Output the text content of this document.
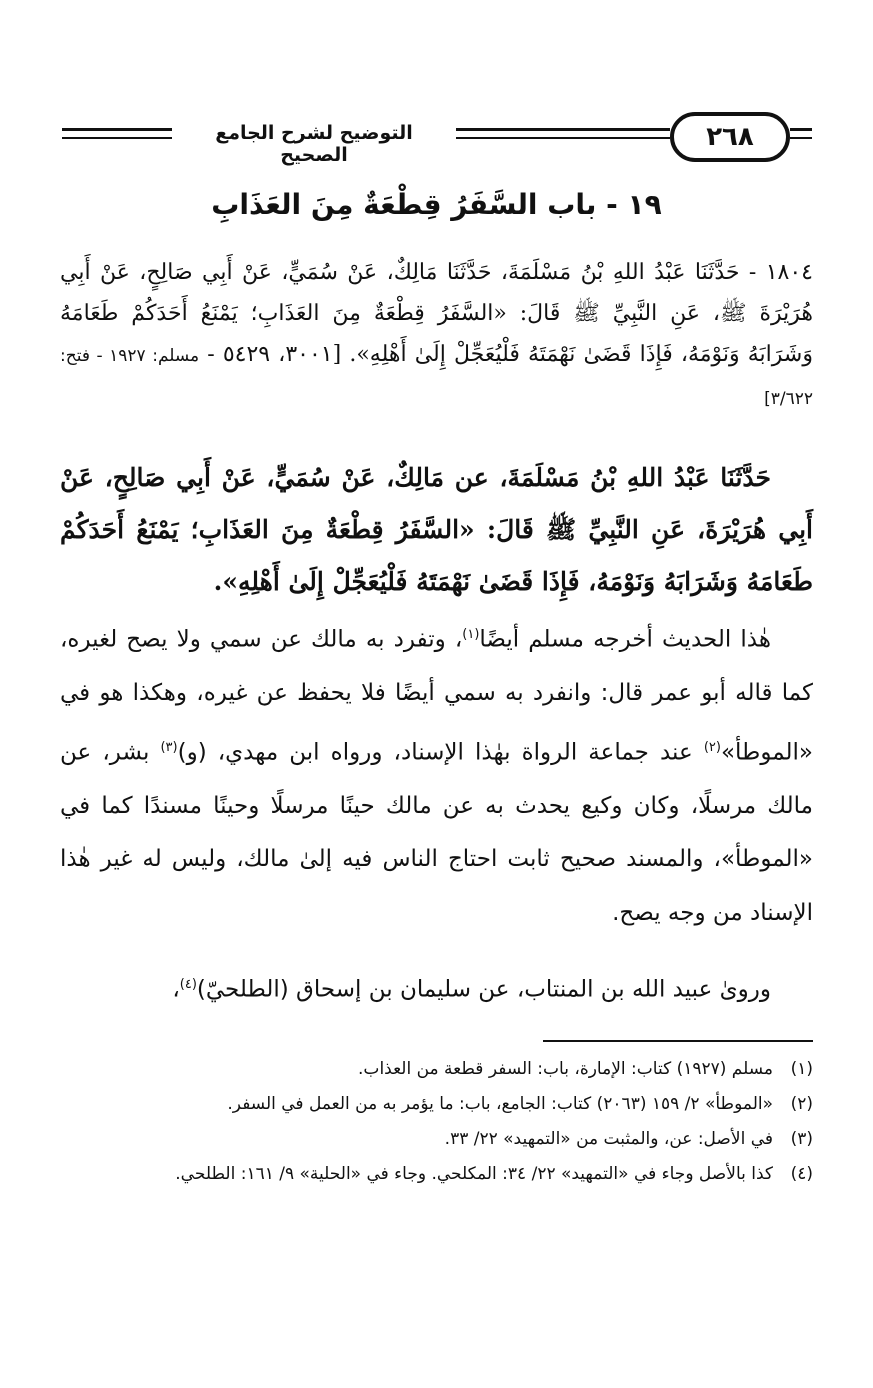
التوضيح لشرح الجامع الصحيح
٢٦٨
١٩ - باب السَّفَرُ قِطْعَةٌ مِنَ العَذَابِ
١٨٠٤ - حَدَّثَنَا عَبْدُ اللهِ بْنُ مَسْلَمَةَ، حَدَّثَنَا مَالِكٌ، عَنْ سُمَيٍّ، عَنْ أَبِي صَالِحٍ، عَنْ أَبِي هُرَيْرَةَ ﷺ، عَنِ النَّبِيِّ ﷺ قَالَ: «السَّفَرُ قِطْعَةٌ مِنَ العَذَابِ؛ يَمْنَعُ أَحَدَكُمْ طَعَامَهُ وَشَرَابَهُ وَنَوْمَهُ، فَإِذَا قَضَىٰ نَهْمَتَهُ فَلْيُعَجِّلْ إِلَىٰ أَهْلِهِ». [٣٠٠١، ٥٤٢٩ - مسلم: ١٩٢٧ - فتح: ٣/٦٢٢]
حَدَّثَنَا عَبْدُ اللهِ بْنُ مَسْلَمَةَ، عن مَالِكٌ، عَنْ سُمَيٍّ، عَنْ أَبِي صَالِحٍ، عَنْ أَبِي هُرَيْرَةَ، عَنِ النَّبِيِّ ﷺ قَالَ: «السَّفَرُ قِطْعَةٌ مِنَ العَذَابِ؛ يَمْنَعُ أَحَدَكُمْ طَعَامَهُ وَشَرَابَهُ وَنَوْمَهُ، فَإِذَا قَضَىٰ نَهْمَتَهُ فَلْيُعَجِّلْ إِلَىٰ أَهْلِهِ».

هٰذا الحديث أخرجه مسلم أيضًا$^{(١)}$، وتفرد به مالك عن سمي ولا يصح لغيره، كما قاله أبو عمر قال: وانفرد به سمي أيضًا فلا يحفظ عن غيره، وهكذا هو في «الموطأ»$^{(٢)}$ عند جماعة الرواة بهٰذا الإسناد، ورواه ابن مهدي، (و)$^{(٣)}$ بشر، عن مالك مرسلًا، وكان وكيع يحدث به عن مالك حينًا مرسلًا وحينًا مسندًا كما في «الموطأ»، والمسند صحيح ثابت احتاج الناس فيه إلىٰ مالك، وليس له غير هٰذا الإسناد من وجه يصح.

ورویٰ عبيد الله بن المنتاب، عن سليمان بن إسحاق (الطلحيّ)$^{(٤)}$،

(١)
مسلم (١٩٢٧) كتاب: الإمارة، باب: السفر قطعة من العذاب.
(٢)
«الموطأ» ٢/ ١٥٩ (٢٠٦٣) كتاب: الجامع، باب: ما يؤمر به من العمل في السفر.
(٣)
في الأصل: عن، والمثبت من «التمهيد» ٢٢/ ٣٣.
(٤)
كذا بالأصل وجاء في «التمهيد» ٢٢/ ٣٤: المكلحي. وجاء في «الحلية» ٩/ ١٦١: الطلحي.
